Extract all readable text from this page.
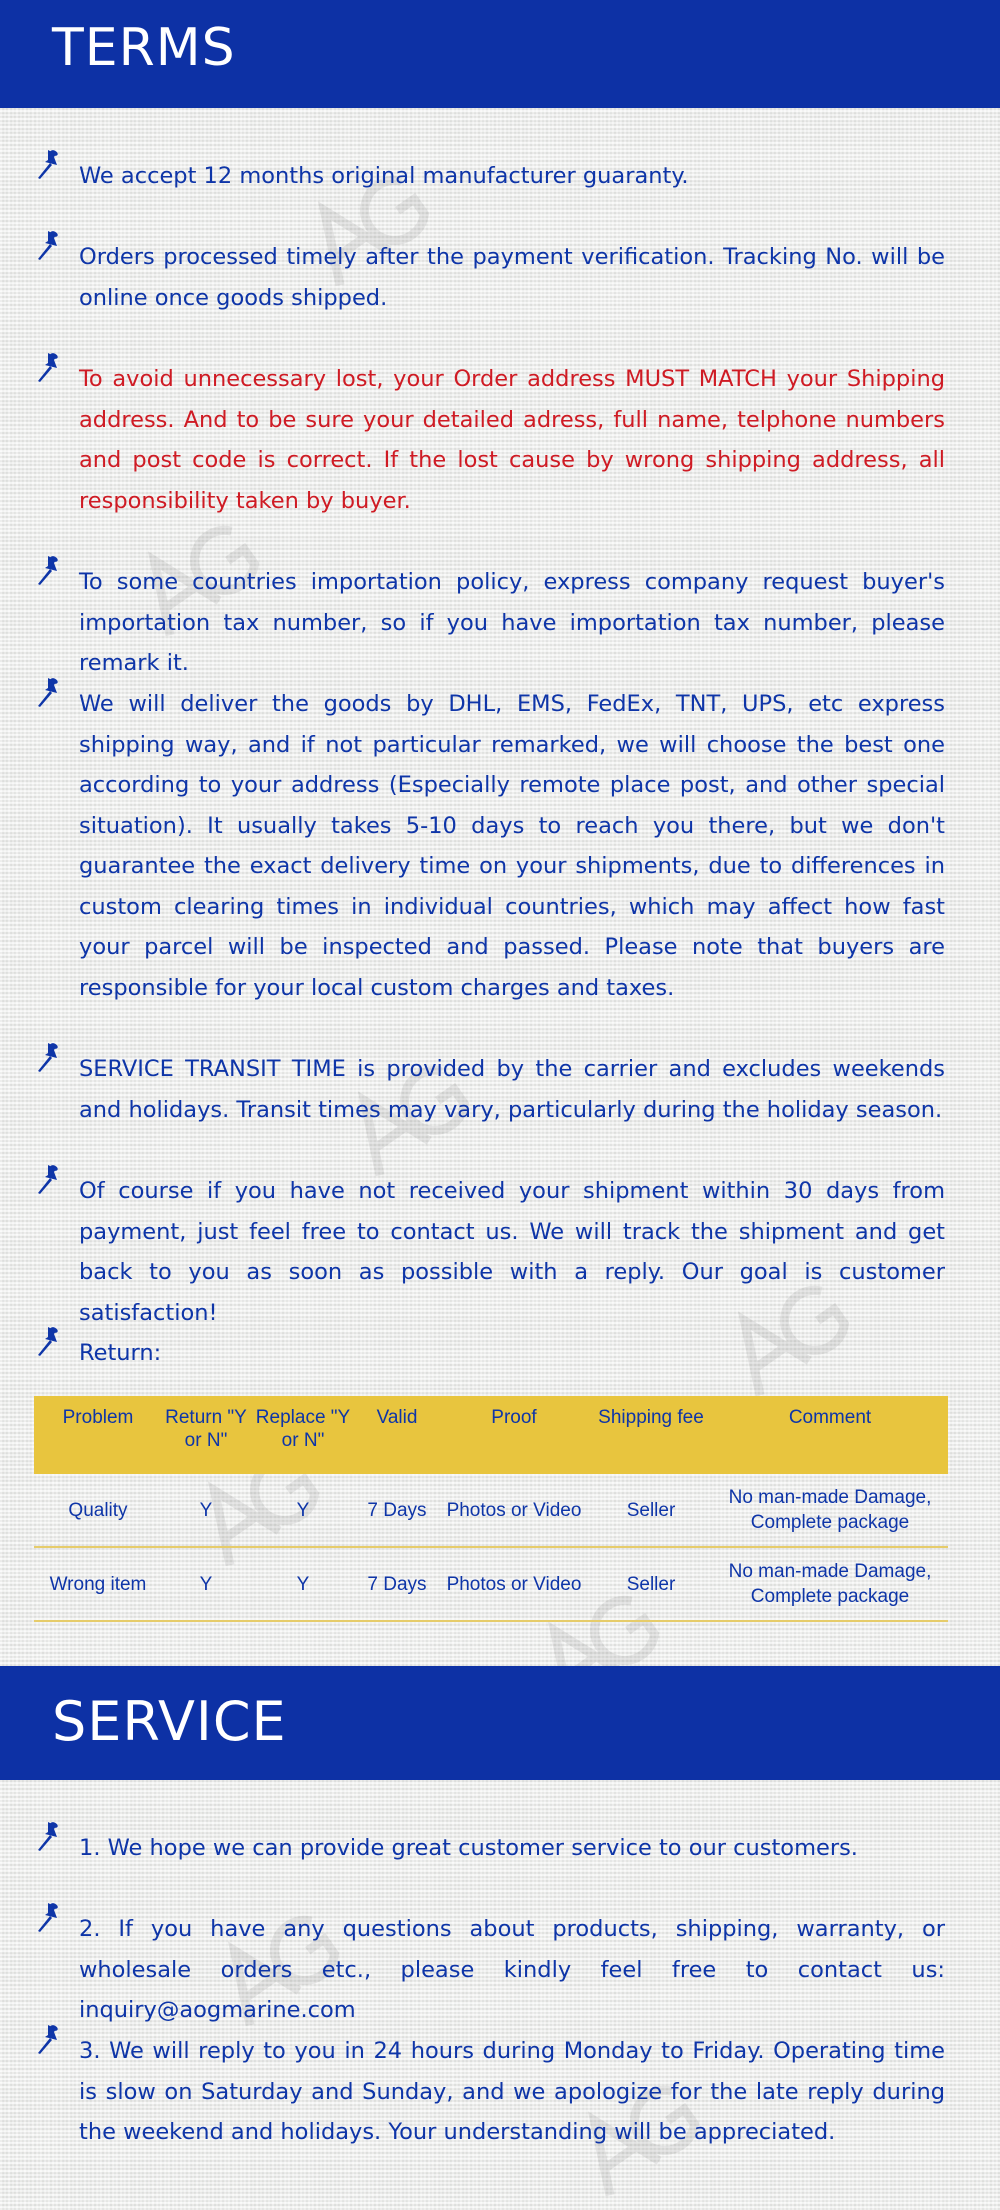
TERMS

We accept 12 months original manufacturer guaranty.

Orders processed timely after the payment verification. Tracking No. will be online once goods shipped.

To avoid unnecessary lost, your Order address MUST MATCH your Shipping address. And to be sure your detailed adress, full name, telphone numbers and post code is correct. If the lost cause by wrong shipping address, all responsibility taken by buyer.

To some countries importation policy, express company request buyer's importation tax number, so if you have importation tax number, please remark it.

We will deliver the goods by DHL, EMS, FedEx, TNT, UPS, etc express shipping way, and if not particular remarked, we will choose the best one according to your address (Especially remote place post, and other special situation). It usually takes 5-10 days to reach you there, but we don't guarantee the exact delivery time on your shipments, due to differences in custom clearing times in individual countries, which may affect how fast your parcel will be inspected and passed. Please note that buyers are responsible for your local custom charges and taxes.

SERVICE TRANSIT TIME is provided by the carrier and excludes weekends and holidays. Transit times may vary, particularly during the holiday season.

Of course if you have not received your shipment within 30 days from payment, just feel free to contact us. We will track the shipment and get back to you as soon as possible with a reply. Our goal is customer satisfaction!

Return:

Problem	Return "Y or N"	Replace "Y or N"	Valid	Proof	Shipping fee	Comment
Quality	Y	Y	7 Days	Photos or Video	Seller	No man-made Damage, Complete package
Wrong item	Y	Y	7 Days	Photos or Video	Seller	No man-made Damage, Complete package
SERVICE

1. We hope we can provide great customer service to our customers.

2. If you have any questions about products, shipping, warranty, or wholesale orders etc., please kindly feel free to contact us: inquiry@aogmarine.com

3. We will reply to you in 24 hours during Monday to Friday. Operating time is slow on Saturday and Sunday, and we apologize for the late reply during the weekend and holidays. Your understanding will be appreciated.
